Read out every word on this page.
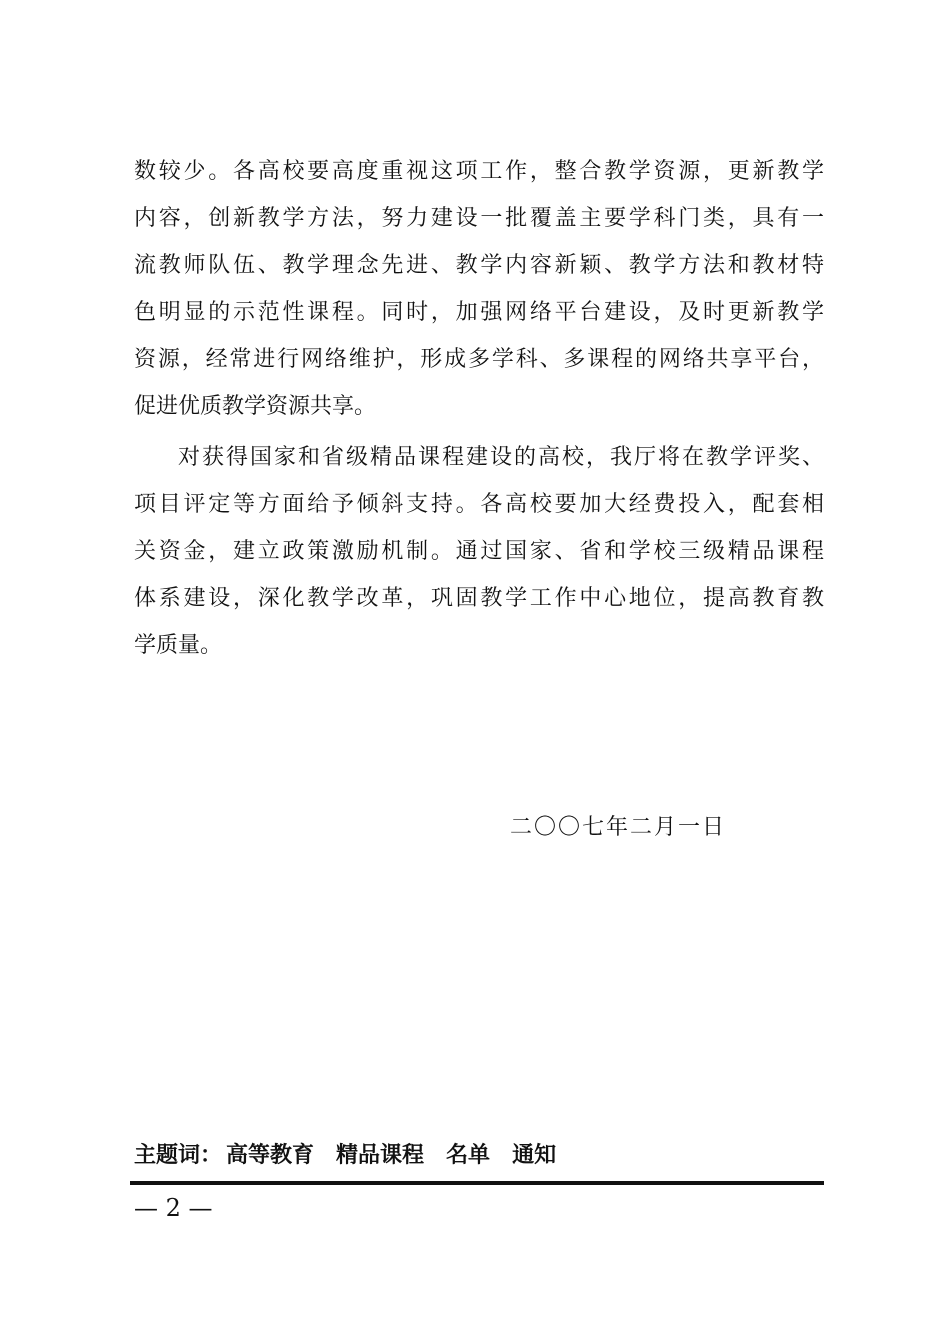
数较少。各高校要高度重视这项工作，整合教学资源，更新教学
内容，创新教学方法，努力建设一批覆盖主要学科门类，具有一
流教师队伍、教学理念先进、教学内容新颖、教学方法和教材特
色明显的示范性课程。同时，加强网络平台建设，及时更新教学
资源，经常进行网络维护，形成多学科、多课程的网络共享平台，
促进优质教学资源共享。
对获得国家和省级精品课程建设的高校，我厅将在教学评奖、
项目评定等方面给予倾斜支持。各高校要加大经费投入，配套相
关资金，建立政策激励机制。通过国家、省和学校三级精品课程
体系建设，深化教学改革，巩固教学工作中心地位，提高教育教
学质量。
二〇〇七年二月一日
主题词： 高等教育 精品课程 名单 通知
— 2 —
